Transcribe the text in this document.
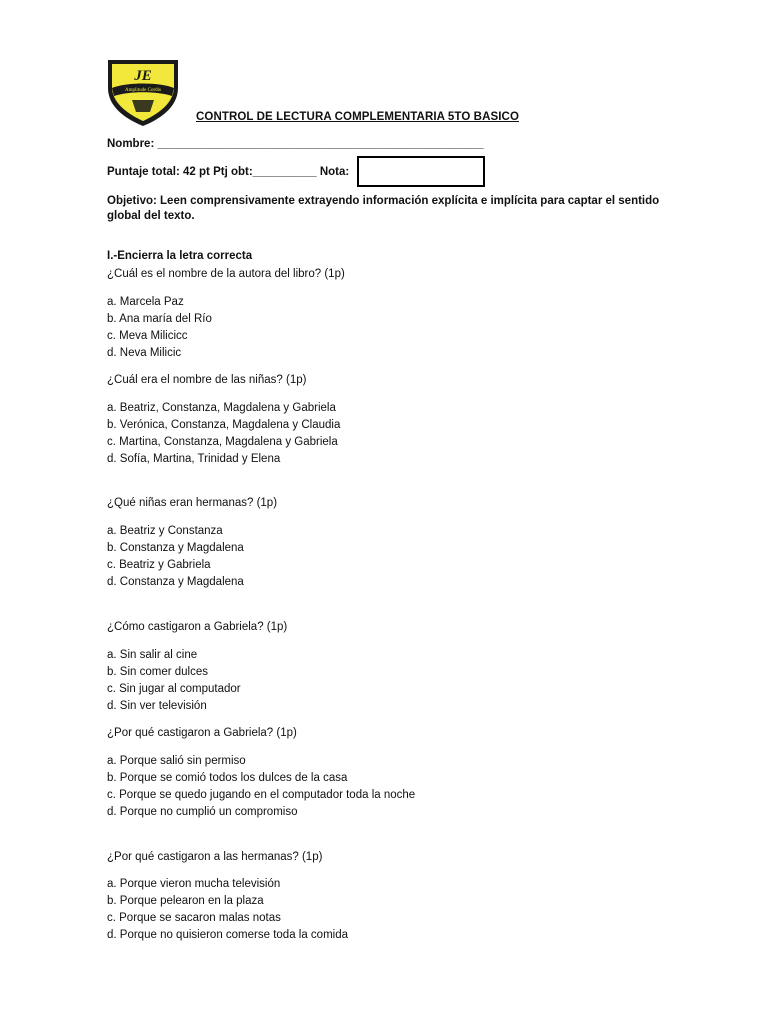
JE
Amplitude Cordis
CONTROL DE LECTURA COMPLEMENTARIA 5TO BASICO
Nombre: ___________________________________________________
Puntaje total: 42 pt Ptj obt:__________ Nota:
Objetivo: Leen comprensivamente extrayendo información explícita e implícita para captar el sentido global del texto.
I.-Encierra la letra correcta
¿Cuál es el nombre de la autora del libro? (1p)
a. Marcela Paz
b. Ana maría del Río
c. Meva Milicicc
d. Neva Milicic
¿Cuál era el nombre de las niñas? (1p)
a. Beatriz, Constanza, Magdalena y Gabriela
b. Verónica, Constanza, Magdalena y Claudia
c. Martina, Constanza, Magdalena y Gabriela
d. Sofía, Martina, Trinidad y Elena
¿Qué niñas eran hermanas? (1p)
a. Beatriz y Constanza
b. Constanza y Magdalena
c. Beatriz y Gabriela
d. Constanza y Magdalena
¿Cómo castigaron a Gabriela? (1p)
a. Sin salir al cine
b. Sin comer dulces
c. Sin jugar al computador
d. Sin ver televisión
¿Por qué castigaron a Gabriela? (1p)
a. Porque salió sin permiso
b. Porque se comió todos los dulces de la casa
c. Porque se quedo jugando en el computador toda la noche
d. Porque no cumplió un compromiso
¿Por qué castigaron a las hermanas? (1p)
a. Porque vieron mucha televisión
b. Porque pelearon en la plaza
c. Porque se sacaron malas notas
d. Porque no quisieron comerse toda la comida
